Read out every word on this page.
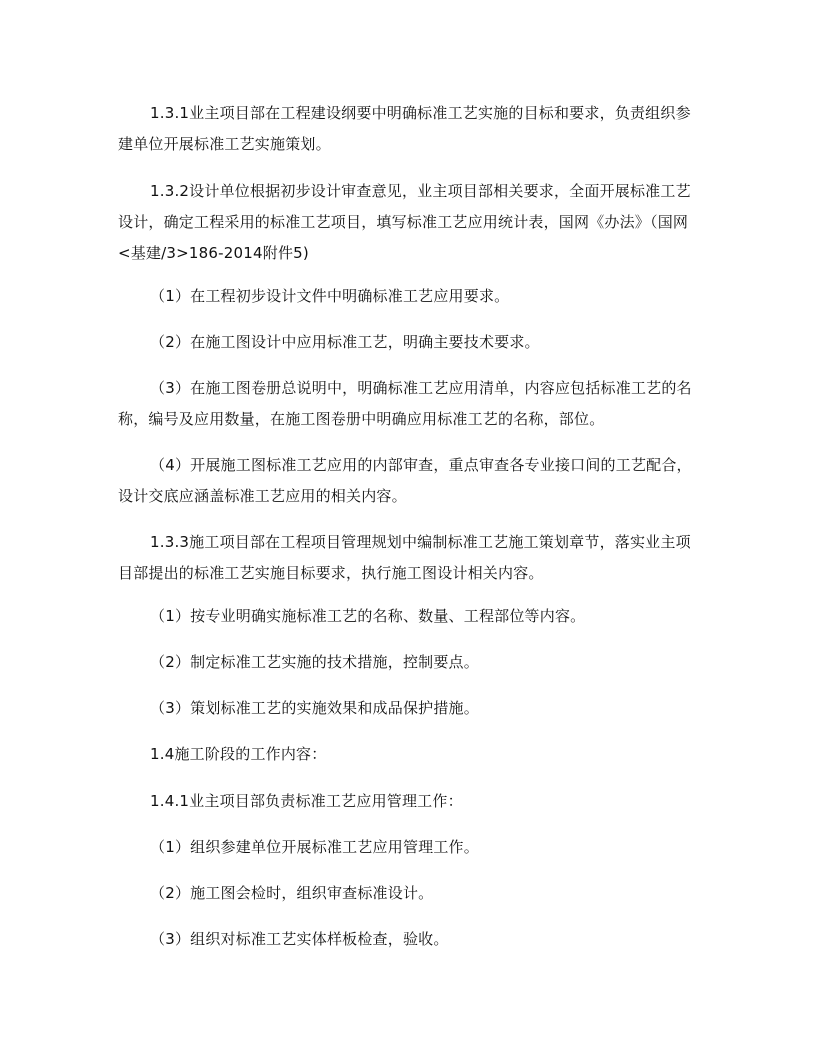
1.3.1业主项目部在工程建设纲要中明确标准工艺实施的目标和要求，负责组织参建单位开展标准工艺实施策划。

1.3.2设计单位根据初步设计审查意见，业主项目部相关要求，全面开展标准工艺设计，确定工程采用的标准工艺项目，填写标准工艺应用统计表，国网《办法》（国网<基建/3>186-2014附件5)

（1）在工程初步设计文件中明确标准工艺应用要求。

（2）在施工图设计中应用标准工艺，明确主要技术要求。

（3）在施工图卷册总说明中，明确标准工艺应用清单，内容应包括标准工艺的名称，编号及应用数量，在施工图卷册中明确应用标准工艺的名称，部位。

（4）开展施工图标准工艺应用的内部审查，重点审查各专业接口间的工艺配合，设计交底应涵盖标准工艺应用的相关内容。

1.3.3施工项目部在工程项目管理规划中编制标准工艺施工策划章节，落实业主项目部提出的标准工艺实施目标要求，执行施工图设计相关内容。

（1）按专业明确实施标准工艺的名称、数量、工程部位等内容。

（2）制定标准工艺实施的技术措施，控制要点。

（3）策划标准工艺的实施效果和成品保护措施。

1.4施工阶段的工作内容：

1.4.1业主项目部负责标准工艺应用管理工作：

（1）组织参建单位开展标准工艺应用管理工作。

（2）施工图会检时，组织审查标准设计。

（3）组织对标准工艺实体样板检查，验收。
